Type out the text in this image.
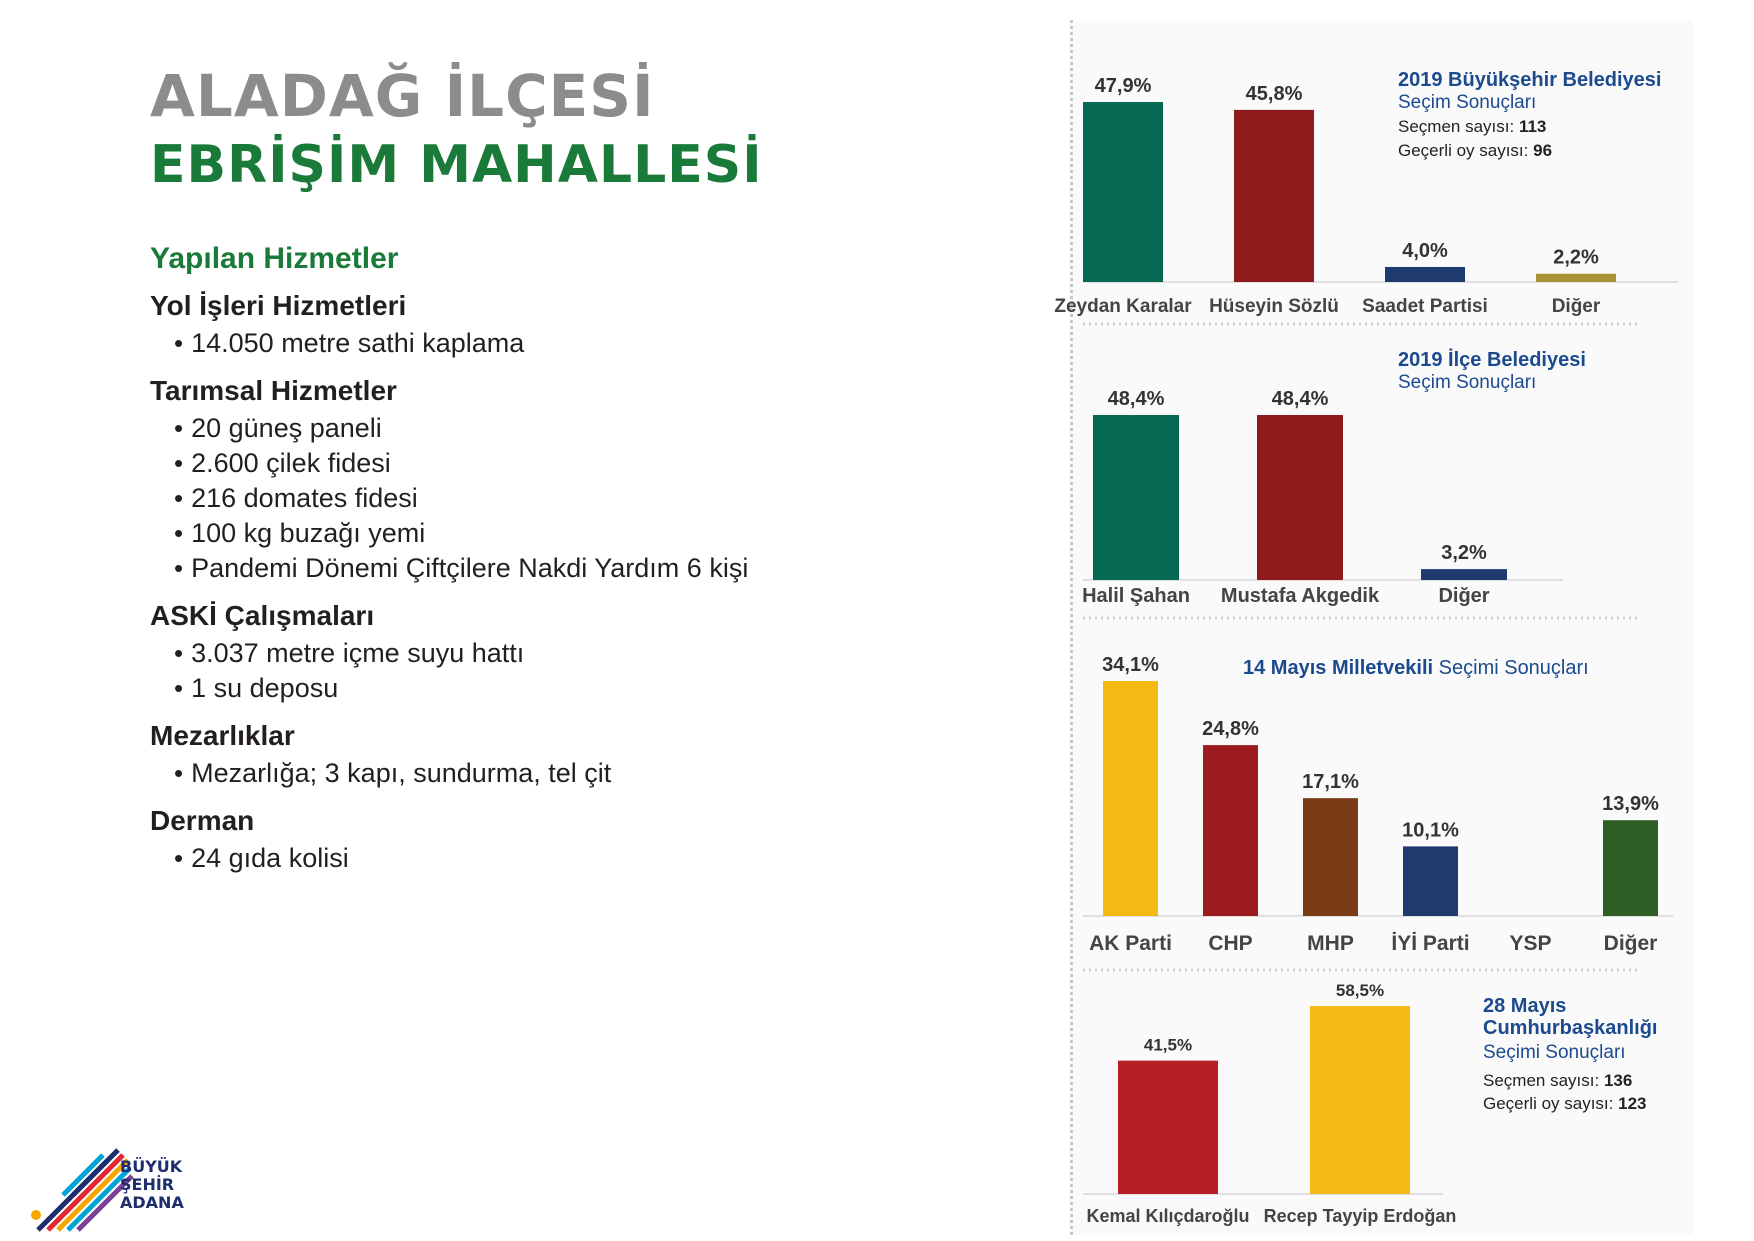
ALADAĞ İLÇESİ
EBRİŞİM MAHALLESİ
Yapılan Hizmetler
Yol İşleri Hizmetleri
• 14.050 metre sathi kaplama
Tarımsal Hizmetler
• 20 güneş paneli
• 2.600 çilek fidesi
• 216 domates fidesi
• 100 kg buzağı yemi
• Pandemi Dönemi Çiftçilere Nakdi Yardım 6 kişi
ASKİ Çalışmaları
• 3.037 metre içme suyu hattı
• 1 su deposu
Mezarlıklar
• Mezarlığa; 3 kapı, sundurma, tel çit
Derman
• 24 gıda kolisi
47,9%
Zeydan Karalar
45,8%
Hüseyin Sözlü
4,0%
Saadet Partisi
2,2%
Diğer
2019 Büyükşehir Belediyesi
Seçim Sonuçları
Seçmen sayısı: 113
Geçerli oy sayısı: 96
48,4%
Halil Şahan
48,4%
Mustafa Akgedik
3,2%
Diğer
2019 İlçe Belediyesi
Seçim Sonuçları
34,1%
AK Parti
24,8%
CHP
17,1%
MHP
10,1%
İYİ Parti YSP
13,9%
Diğer
14 Mayıs Milletvekili Seçimi Sonuçları
41,5%
Kemal Kılıçdaroğlu
58,5%
Recep Tayyip Erdoğan
28 Mayıs
Cumhurbaşkanlığı
Seçimi Sonuçları
Seçmen sayısı: 136
Geçerli oy sayısı: 123
BÜYÜK
ŞEHİR
ADANA
